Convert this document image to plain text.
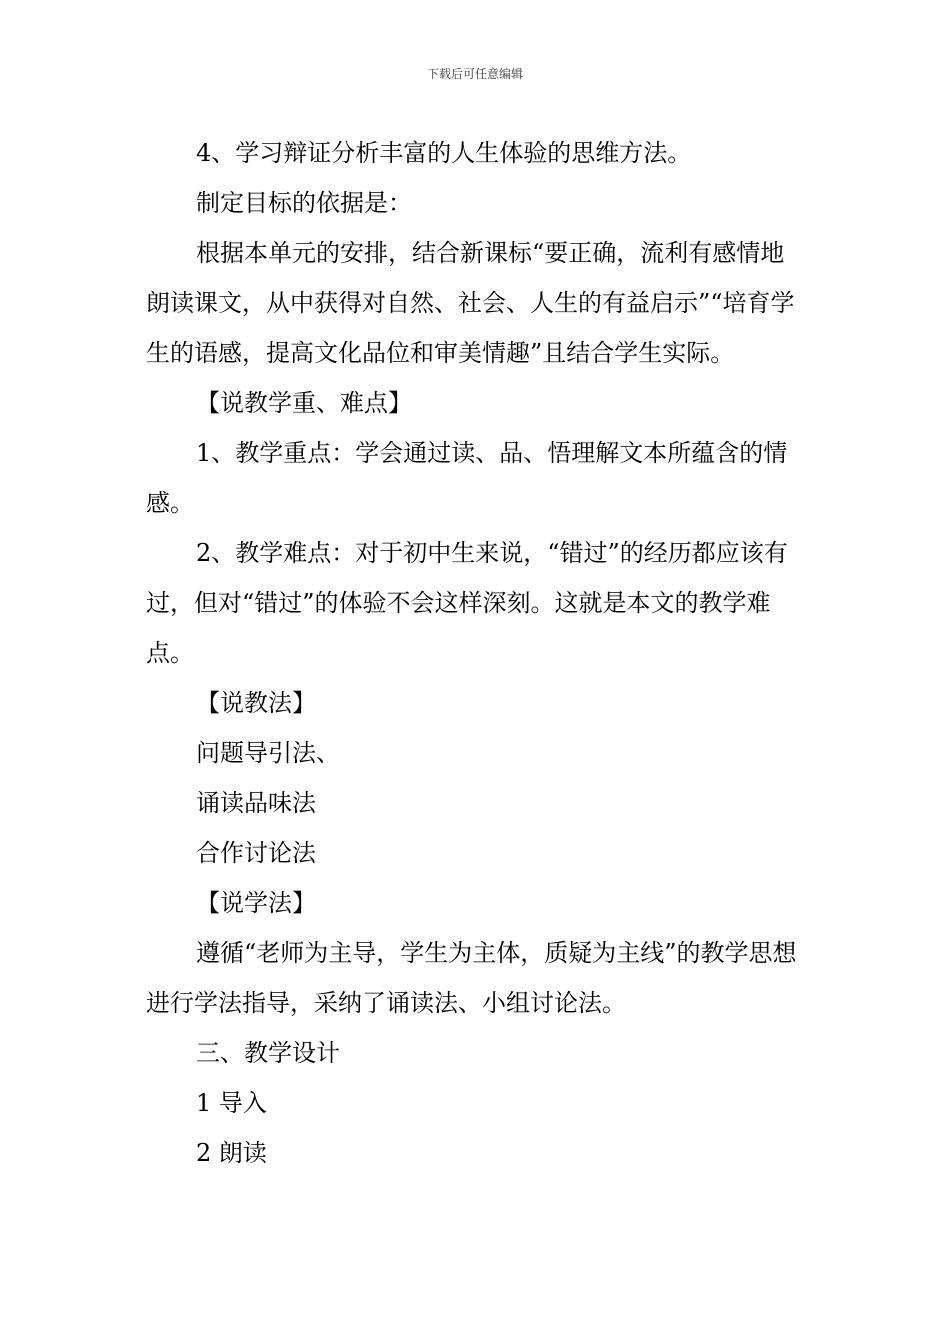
下载后可任意编辑

4、学习辩证分析丰富的人生体验的思维方法。

制定目标的依据是：

根据本单元的安排，结合新课标“要正确，流利有感情地朗读课文，从中获得对自然、社会、人生的有益启示”“培育学生的语感，提高文化品位和审美情趣”且结合学生实际。

【说教学重、难点】

1、教学重点：学会通过读、品、悟理解文本所蕴含的情感。

2、教学难点：对于初中生来说，“错过”的经历都应该有过，但对“错过”的体验不会这样深刻。这就是本文的教学难点。

【说教法】

问题导引法、

诵读品味法

合作讨论法

【说学法】

遵循“老师为主导，学生为主体，质疑为主线”的教学思想进行学法指导，采纳了诵读法、小组讨论法。

三、教学设计

1 导入

2 朗读
